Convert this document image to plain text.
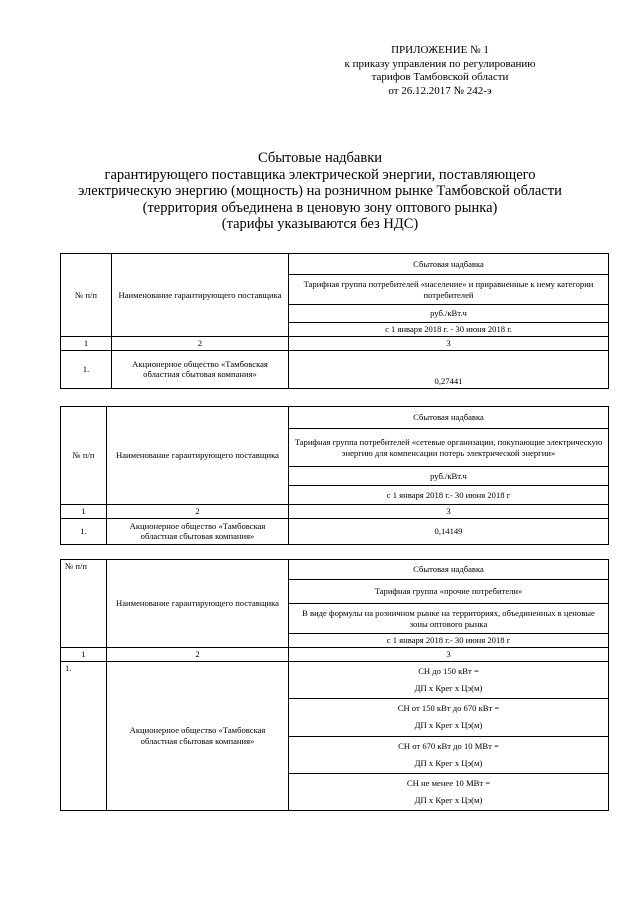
ПРИЛОЖЕНИЕ № 1
к приказу управления по регулированию
тарифов Тамбовской области
от 26.12.2017 № 242-э
Сбытовые надбавки
гарантирующего поставщика электрической энергии, поставляющего
электрическую энергию (мощность) на розничном рынке Тамбовской области
(территория объединена в ценовую зону оптового рынка)
(тарифы указываются без НДС)
№ п/п	Наименование гарантирующего поставщика	Сбытовая надбавка
		Тарифная группа потребителей «население» и приравненные к нему категории потребителей
		руб./кВт.ч
		с 1 января 2018 г. - 30 июня 2018 г.
1	2	3
1.	Акционерное общество «Тамбовская областная сбытовая компания»	0,27441
№ п/п	Наименование гарантирующего поставщика	Сбытовая надбавка
		Тарифная группа потребителей «сетевые организации, покупающие электрическую энергию для компенсации потерь электрической энергии»
		руб./кВт.ч
		с 1 января 2018 г.- 30 июня 2018 г
1	2	3
1.	Акционерное общество «Тамбовская областная сбытовая компания»	0,14149
№ п/п	Наименование гарантирующего поставщика	Сбытовая надбавка
		Тарифная группа «прочие потребители»
		В виде формулы на розничном рынке на территориях, объединенных в ценовые зоны оптового рынка
		с 1 января 2018 г.- 30 июня 2018 г
1	2	3
1.	Акционерное общество «Тамбовская областная сбытовая компания»	СН до 150 кВт =
ДП х Крег х Цэ(м)

		СН от 150 кВт до 670 кВт =
ДП х Крег х Цэ(м)

		СН от 670 кВт до 10 МВт =
ДП х Крег х Цэ(м)

		СН не менее 10 МВт =
ДП х Крег х Цэ(м)
